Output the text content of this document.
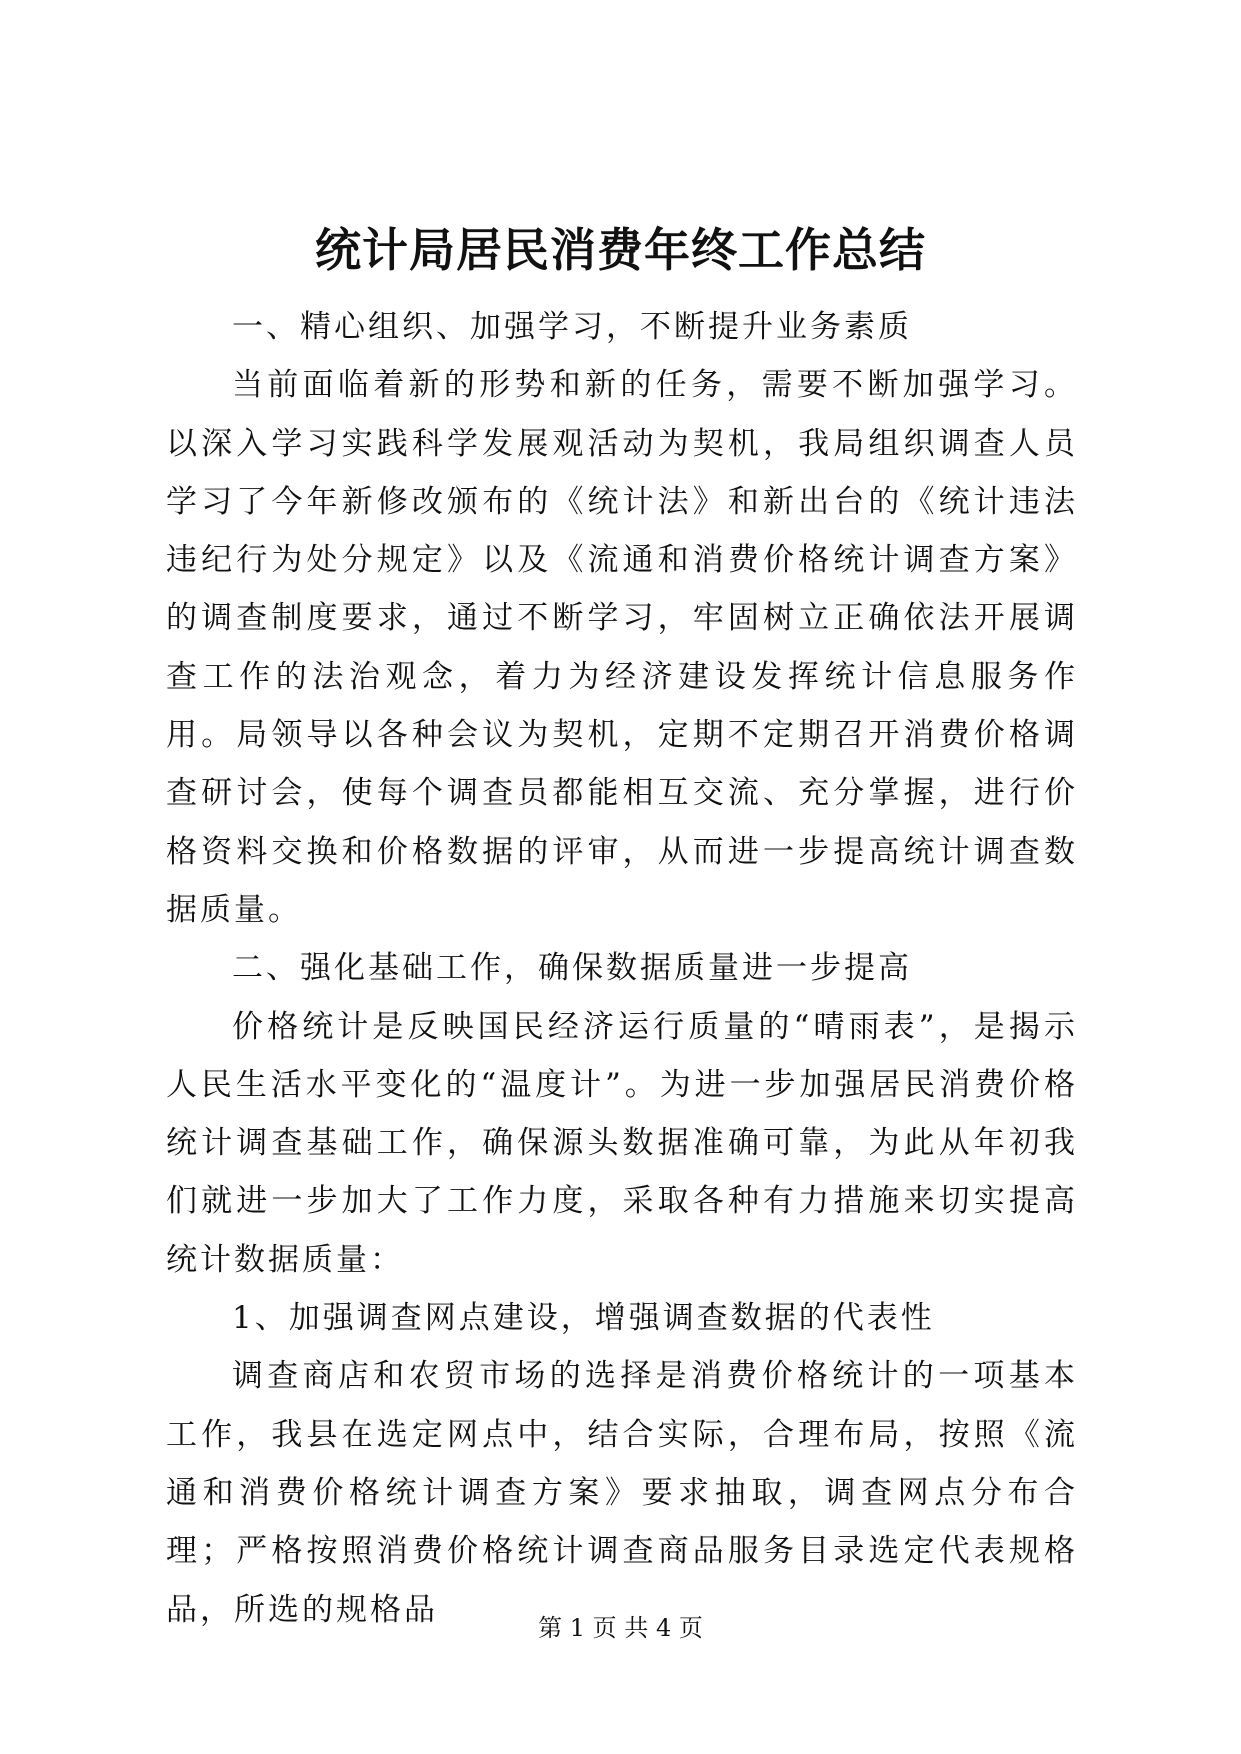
统计局居民消费年终工作总结

一、精心组织、加强学习，不断提升业务素质

当前面临着新的形势和新的任务，需要不断加强学习。以深入学习实践科学发展观活动为契机，我局组织调查人员学习了今年新修改颁布的《统计法》和新出台的《统计违法违纪行为处分规定》以及《流通和消费价格统计调查方案》的调查制度要求，通过不断学习，牢固树立正确依法开展调查工作的法治观念，着力为经济建设发挥统计信息服务作用。局领导以各种会议为契机，定期不定期召开消费价格调查研讨会，使每个调查员都能相互交流、充分掌握，进行价格资料交换和价格数据的评审，从而进一步提高统计调查数据质量。

二、强化基础工作，确保数据质量进一步提高

价格统计是反映国民经济运行质量的“晴雨表”，是揭示人民生活水平变化的“温度计”。为进一步加强居民消费价格统计调查基础工作，确保源头数据准确可靠，为此从年初我们就进一步加大了工作力度，采取各种有力措施来切实提高统计数据质量：

1、加强调查网点建设，增强调查数据的代表性

调查商店和农贸市场的选择是消费价格统计的一项基本工作，我县在选定网点中，结合实际，合理布局，按照《流通和消费价格统计调查方案》要求抽取，调查网点分布合理；严格按照消费价格统计调查商品服务目录选定代表规格品，所选的规格品

第 1 页 共 4 页
